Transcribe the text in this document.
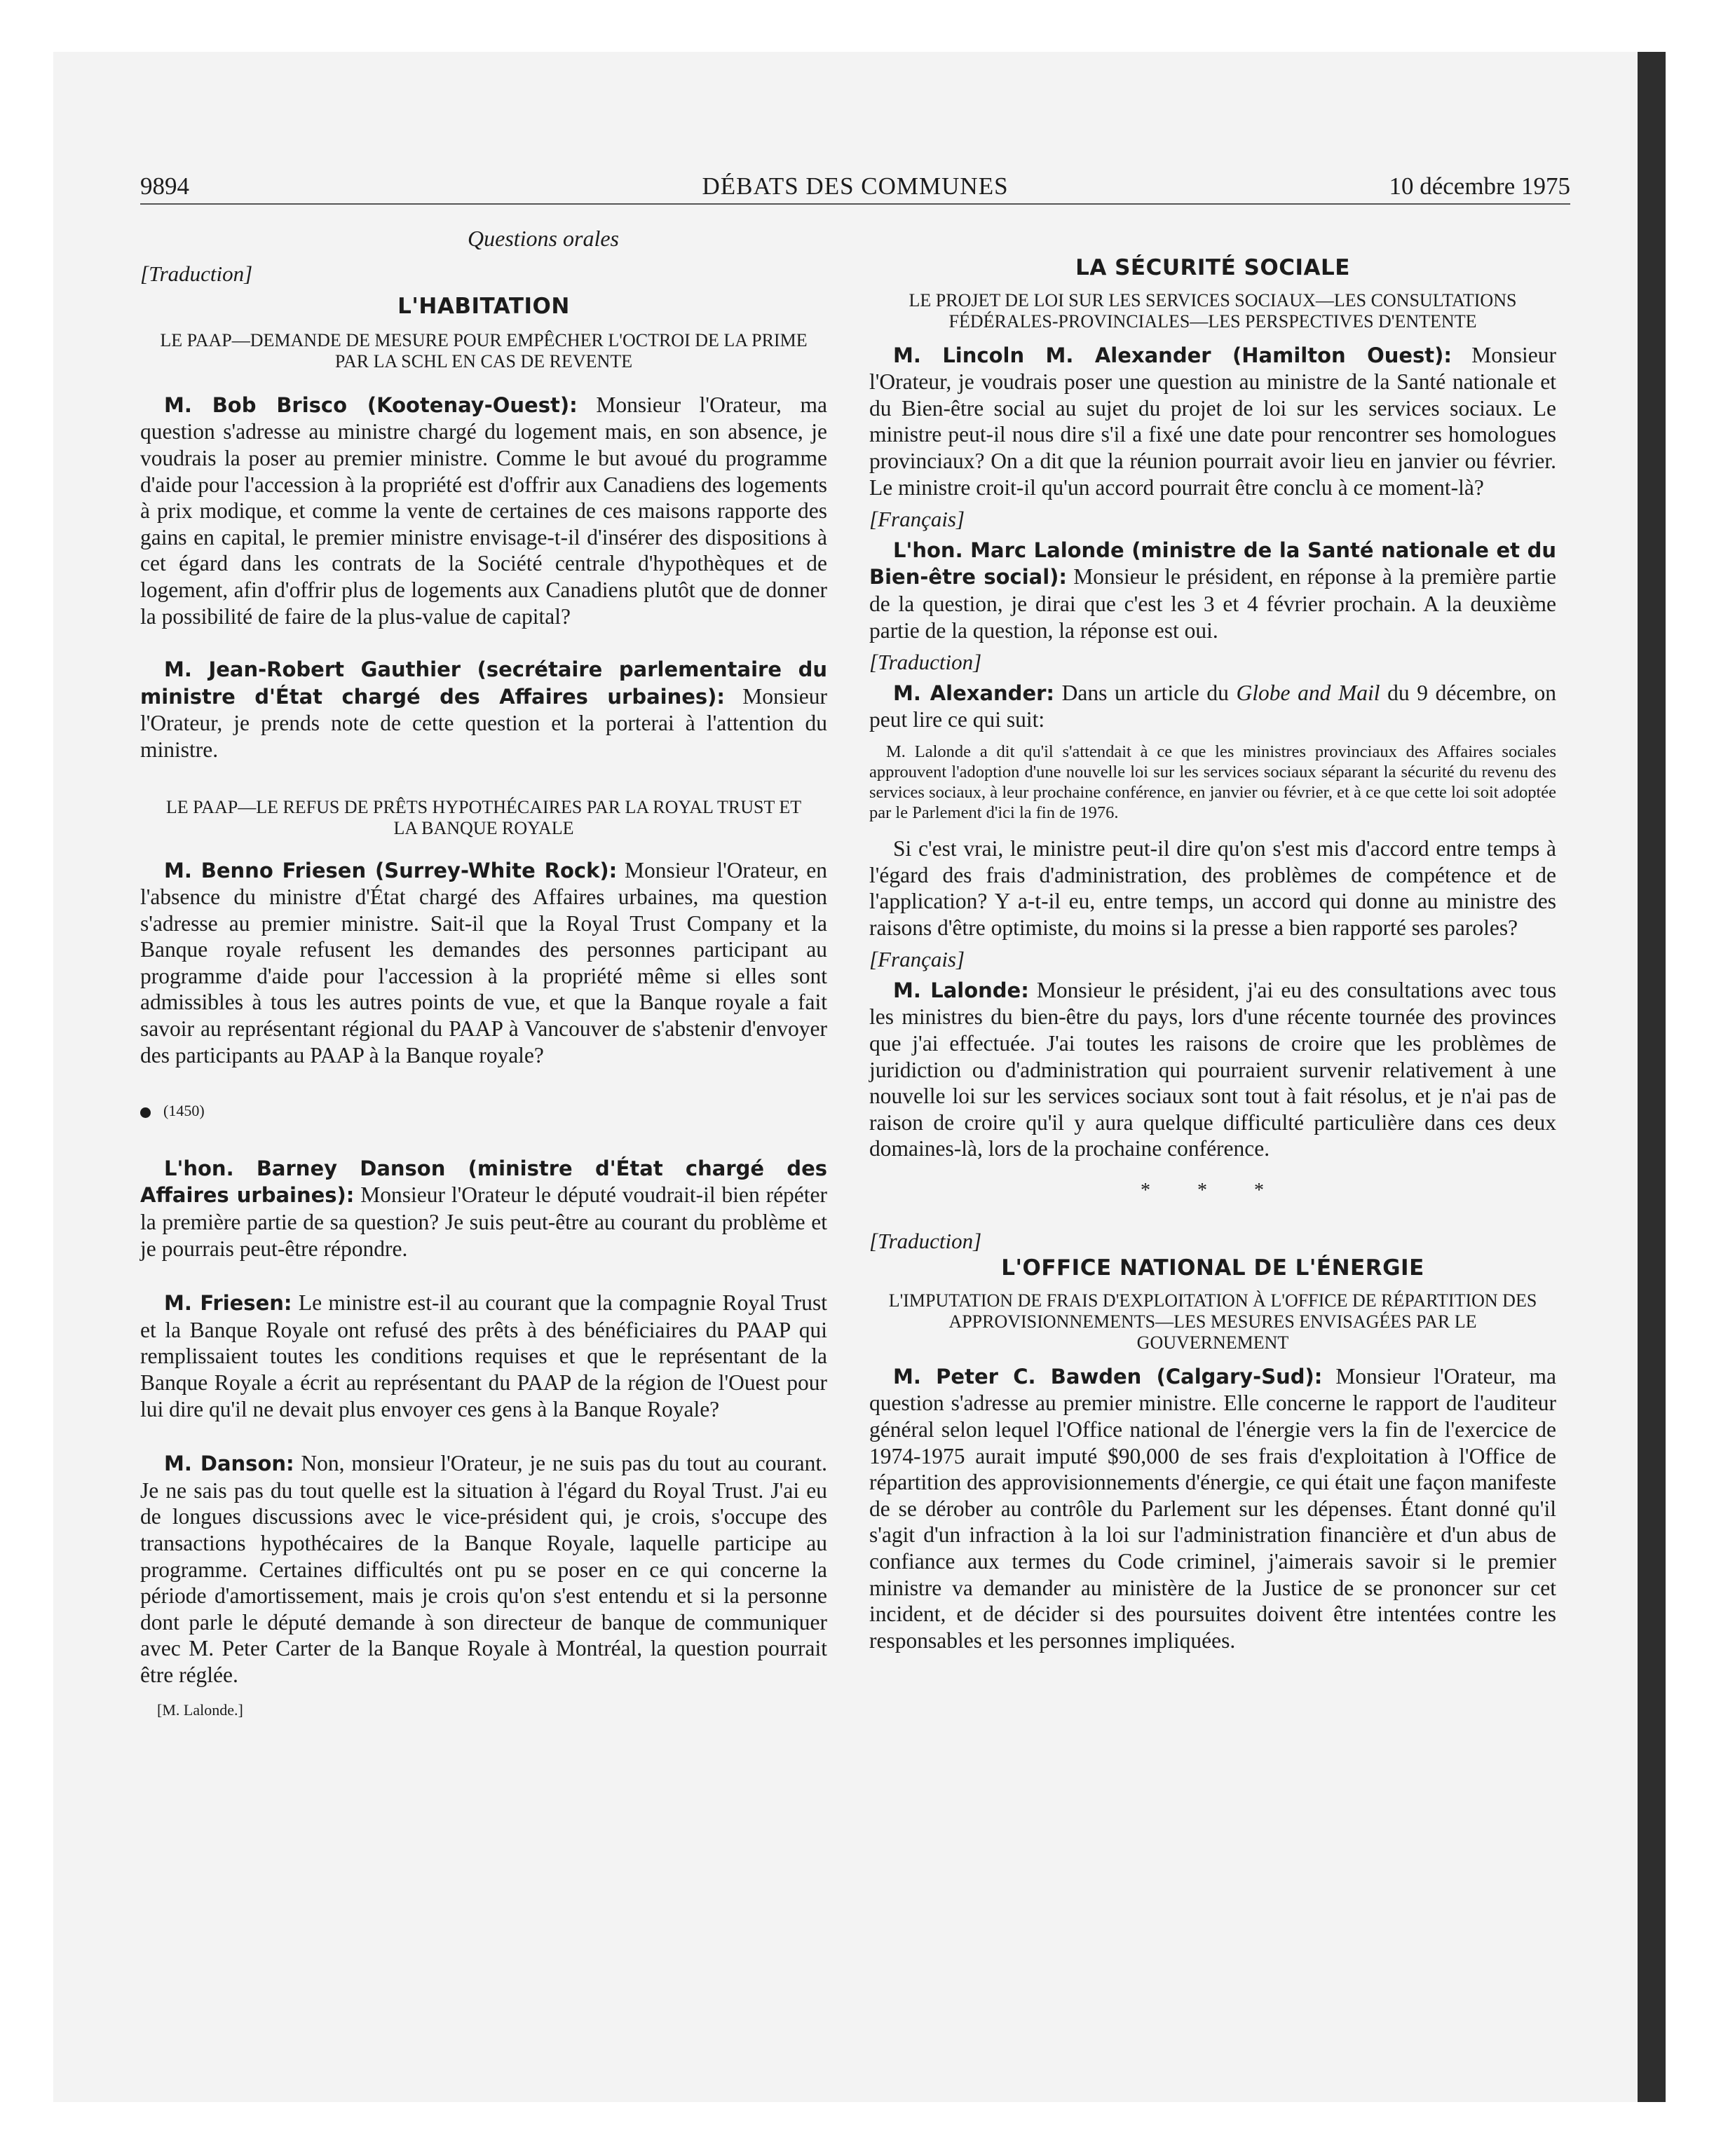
9894	DÉBATS DES COMMUNES	10 décembre 1975
Questions orales
[Traduction]
L'HABITATION
LE PAAP—DEMANDE DE MESURE POUR EMPÊCHER L'OCTROI DE LA PRIME PAR LA SCHL EN CAS DE REVENTE

M. Bob Brisco (Kootenay-Ouest): Monsieur l'Orateur, ma question s'adresse au ministre chargé du logement mais, en son absence, je voudrais la poser au premier ministre. Comme le but avoué du programme d'aide pour l'accession à la propriété est d'offrir aux Canadiens des logements à prix modique, et comme la vente de certaines de ces maisons rapporte des gains en capital, le premier ministre envisage-t-il d'insérer des dispositions à cet égard dans les contrats de la Société centrale d'hypothèques et de logement, afin d'offrir plus de logements aux Canadiens plutôt que de donner la possibilité de faire de la plus-value de capital?

M. Jean-Robert Gauthier (secrétaire parlementaire du ministre d'État chargé des Affaires urbaines): Monsieur l'Orateur, je prends note de cette question et la porterai à l'attention du ministre.

LE PAAP—LE REFUS DE PRÊTS HYPOTHÉCAIRES PAR LA ROYAL TRUST ET LA BANQUE ROYALE

M. Benno Friesen (Surrey-White Rock): Monsieur l'Orateur, en l'absence du ministre d'État chargé des Affaires urbaines, ma question s'adresse au premier ministre. Sait-il que la Royal Trust Company et la Banque royale refusent les demandes des personnes participant au programme d'aide pour l'accession à la propriété même si elles sont admissibles à tous les autres points de vue, et que la Banque royale a fait savoir au représentant régional du PAAP à Vancouver de s'abstenir d'envoyer des participants au PAAP à la Banque royale?

(1450)

L'hon. Barney Danson (ministre d'État chargé des Affaires urbaines): Monsieur l'Orateur le député voudrait-il bien répéter la première partie de sa question? Je suis peut-être au courant du problème et je pourrais peut-être répondre.

M. Friesen: Le ministre est-il au courant que la compagnie Royal Trust et la Banque Royale ont refusé des prêts à des bénéficiaires du PAAP qui remplissaient toutes les conditions requises et que le représentant de la Banque Royale a écrit au représentant du PAAP de la région de l'Ouest pour lui dire qu'il ne devait plus envoyer ces gens à la Banque Royale?

M. Danson: Non, monsieur l'Orateur, je ne suis pas du tout au courant. Je ne sais pas du tout quelle est la situation à l'égard du Royal Trust. J'ai eu de longues discussions avec le vice-président qui, je crois, s'occupe des transactions hypothécaires de la Banque Royale, laquelle participe au programme. Certaines difficultés ont pu se poser en ce qui concerne la période d'amortissement, mais je crois qu'on s'est entendu et si la personne dont parle le député demande à son directeur de banque de communiquer avec M. Peter Carter de la Banque Royale à Montréal, la question pourrait être réglée.

[M. Lalonde.]
LA SÉCURITÉ SOCIALE
LE PROJET DE LOI SUR LES SERVICES SOCIAUX—LES CONSULTATIONS FÉDÉRALES-PROVINCIALES—LES PERSPECTIVES D'ENTENTE

M. Lincoln M. Alexander (Hamilton Ouest): Monsieur l'Orateur, je voudrais poser une question au ministre de la Santé nationale et du Bien-être social au sujet du projet de loi sur les services sociaux. Le ministre peut-il nous dire s'il a fixé une date pour rencontrer ses homologues provinciaux? On a dit que la réunion pourrait avoir lieu en janvier ou février. Le ministre croit-il qu'un accord pourrait être conclu à ce moment-là?

[Français]

L'hon. Marc Lalonde (ministre de la Santé nationale et du Bien-être social): Monsieur le président, en réponse à la première partie de la question, je dirai que c'est les 3 et 4 février prochain. A la deuxième partie de la question, la réponse est oui.

[Traduction]

M. Alexander: Dans un article du Globe and Mail du 9 décembre, on peut lire ce qui suit:

M. Lalonde a dit qu'il s'attendait à ce que les ministres provinciaux des Affaires sociales approuvent l'adoption d'une nouvelle loi sur les services sociaux séparant la sécurité du revenu des services sociaux, à leur prochaine conférence, en janvier ou février, et à ce que cette loi soit adoptée par le Parlement d'ici la fin de 1976.

Si c'est vrai, le ministre peut-il dire qu'on s'est mis d'accord entre temps à l'égard des frais d'administration, des problèmes de compétence et de l'application? Y a-t-il eu, entre temps, un accord qui donne au ministre des raisons d'être optimiste, du moins si la presse a bien rapporté ses paroles?

[Français]

M. Lalonde: Monsieur le président, j'ai eu des consultations avec tous les ministres du bien-être du pays, lors d'une récente tournée des provinces que j'ai effectuée. J'ai toutes les raisons de croire que les problèmes de juridiction ou d'administration qui pourraient survenir relativement à une nouvelle loi sur les services sociaux sont tout à fait résolus, et je n'ai pas de raison de croire qu'il y aura quelque difficulté particulière dans ces deux domaines-là, lors de la prochaine conférence.

* * *
[Traduction]
L'OFFICE NATIONAL DE L'ÉNERGIE
L'IMPUTATION DE FRAIS D'EXPLOITATION À L'OFFICE DE RÉPARTITION DES APPROVISIONNEMENTS—LES MESURES ENVISAGÉES PAR LE GOUVERNEMENT

M. Peter C. Bawden (Calgary-Sud): Monsieur l'Orateur, ma question s'adresse au premier ministre. Elle concerne le rapport de l'auditeur général selon lequel l'Office national de l'énergie vers la fin de l'exercice de 1974-1975 aurait imputé $90,000 de ses frais d'exploitation à l'Office de répartition des approvisionnements d'énergie, ce qui était une façon manifeste de se dérober au contrôle du Parlement sur les dépenses. Étant donné qu'il s'agit d'un infraction à la loi sur l'administration financière et d'un abus de confiance aux termes du Code criminel, j'aimerais savoir si le premier ministre va demander au ministère de la Justice de se prononcer sur cet incident, et de décider si des poursuites doivent être intentées contre les responsables et les personnes impliquées.
